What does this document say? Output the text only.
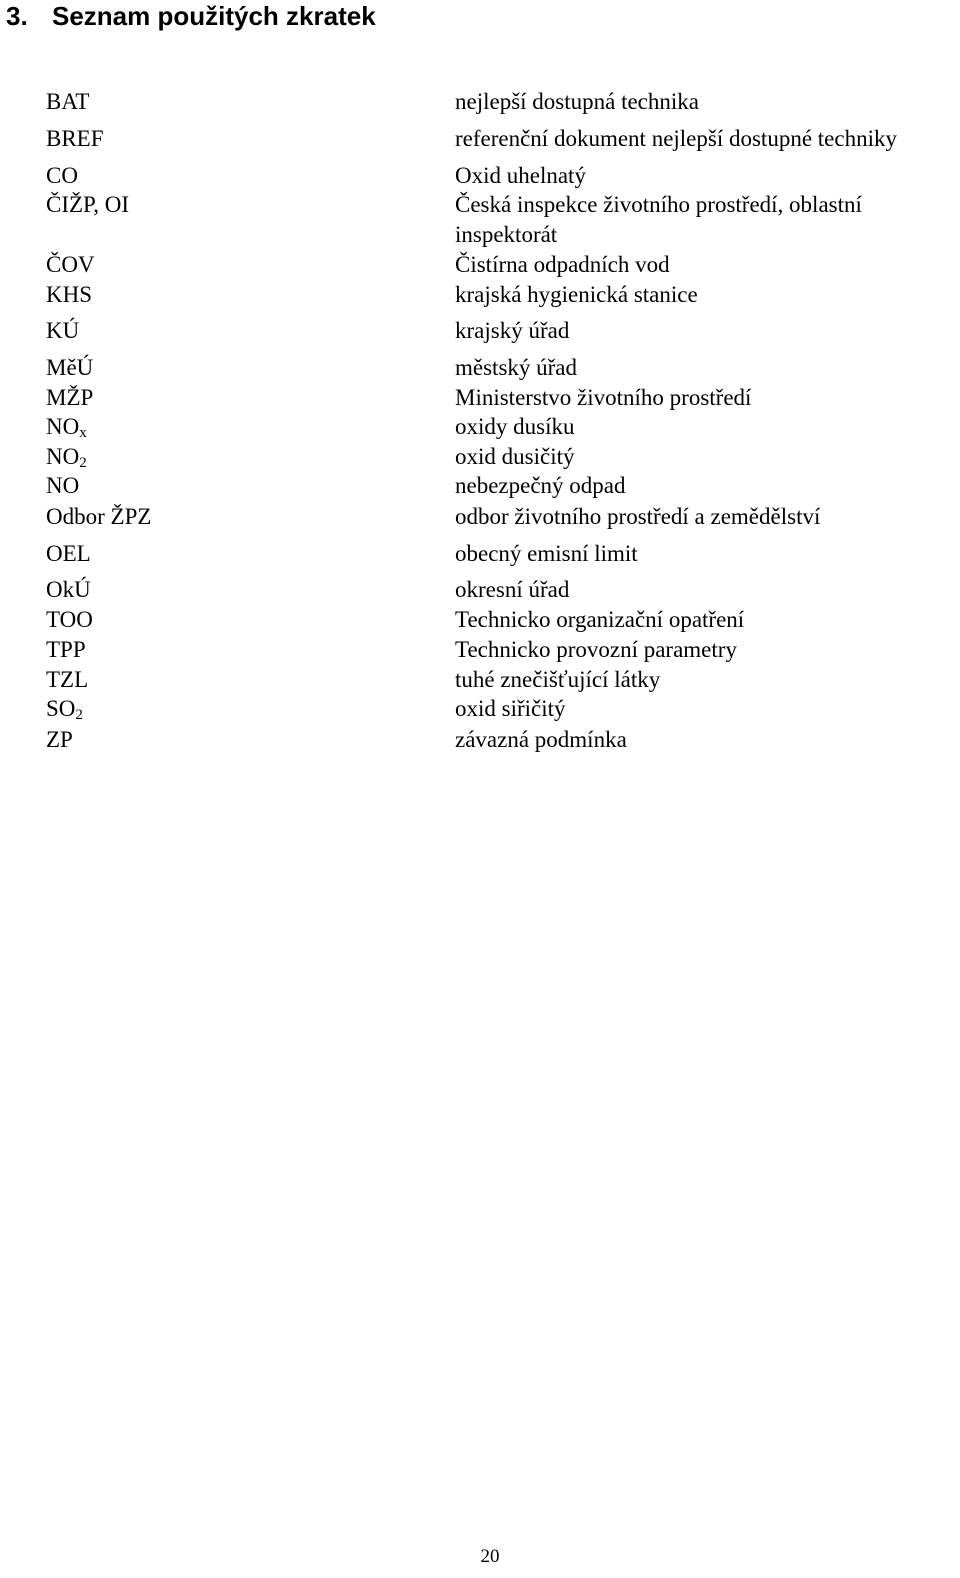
3. Seznam použitých zkratek
BAT	nejlepší dostupná technika
BREF	referenční dokument nejlepší dostupné techniky
CO	Oxid uhelnatý
ČIŽP, OI	Česká inspekce životního prostředí, oblastní
inspektorát
ČOV	Čistírna odpadních vod
KHS	krajská hygienická stanice
KÚ	krajský úřad
MěÚ	městský úřad
MŽP	Ministerstvo životního prostředí
$NO_x$	oxidy dusíku
$NO_2$	oxid dusičitý
NO	nebezpečný odpad
Odbor ŽPZ	odbor životního prostředí a zemědělství
OEL	obecný emisní limit
OkÚ	okresní úřad
TOO	Technicko organizační opatření
TPP	Technicko provozní parametry
TZL	tuhé znečišťující látky
$SO_2$	oxid siřičitý
ZP	závazná podmínka
20
